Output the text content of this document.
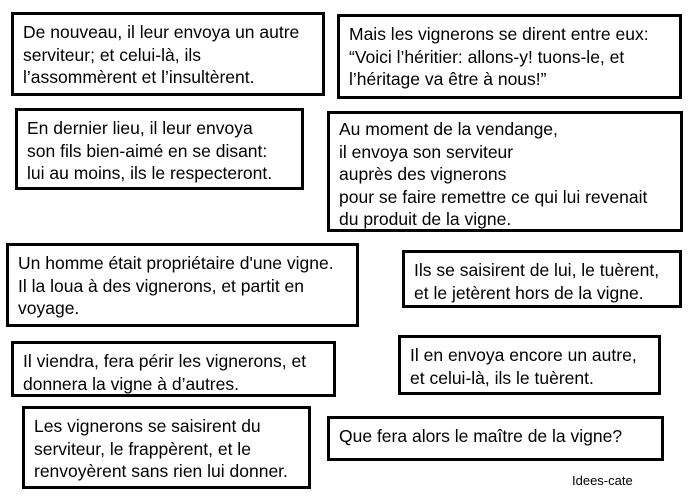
De nouveau, il leur envoya un autre
serviteur; et celui-là, ils
l’assommèrent et l’insultèrent.
Mais les vignerons se dirent entre eux:
“Voici l’héritier: allons-y! tuons-le, et
l’héritage va être à nous!”
En dernier lieu, il leur envoya
son fils bien-aimé en se disant:
lui au moins, ils le respecteront.
Au moment de la vendange,
il envoya son serviteur
auprès des vignerons
pour se faire remettre ce qui lui revenait
du produit de la vigne.
Un homme était propriétaire d'une vigne.
Il la loua à des vignerons, et partit en
voyage.
Ils se saisirent de lui, le tuèrent,
et le jetèrent hors de la vigne.
Il viendra, fera périr les vignerons, et
donnera la vigne à d’autres.
Il en envoya encore un autre,
et celui-là, ils le tuèrent.
Les vignerons se saisirent du
serviteur, le frappèrent, et le
renvoyèrent sans rien lui donner.
Que fera alors le maître de la vigne?
Idees-cate
